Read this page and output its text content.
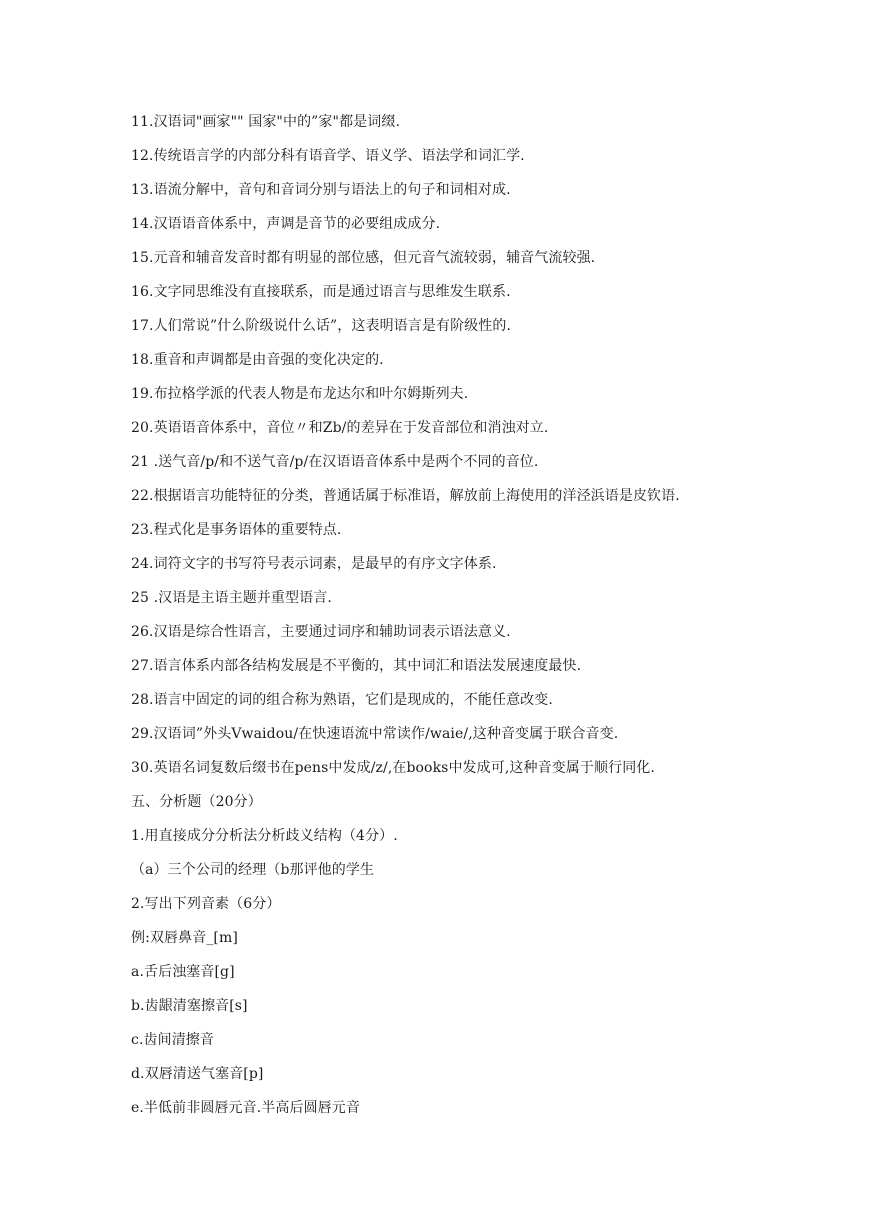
11.汉语词"画家"" 国家"中的”家"都是词缀.
12.传统语言学的内部分科有语音学、语义学、语法学和词汇学.
13.语流分解中，音句和音词分别与语法上的句子和词相对成.
14.汉语语音体系中，声调是音节的必要组成成分.
15.元音和辅音发音时都有明显的部位感，但元音气流较弱，辅音气流较强.
16.文字同思维没有直接联系，而是通过语言与思维发生联系.
17.人们常说”什么阶级说什么话”，这表明语言是有阶级性的.
18.重音和声调都是由音强的变化决定的.
19.布拉格学派的代表人物是布龙达尔和叶尔姆斯列夫.
20.英语语音体系中，音位〃和Zb/的差异在于发音部位和消浊对立.
21 .送气音/p/和不送气音/p/在汉语语音体系中是两个不同的音位.
22.根据语言功能特征的分类，普通话属于标准语，解放前上海使用的洋泾浜语是皮钦语.
23.程式化是事务语体的重要特点.
24.词符文字的书写符号表示词素，是最早的有序文字体系.
25 .汉语是主语主题并重型语言.
26.汉语是综合性语言，主要通过词序和辅助词表示语法意义.
27.语言体系内部各结构发展是不平衡的，其中词汇和语法发展速度最快.
28.语言中固定的词的组合称为熟语，它们是现成的，不能任意改变.
29.汉语词”外头Vwaidou/在快速语流中常读作/waie/,这种音变属于联合音变.
30.英语名词复数后缀书在pens中发成/z/,在books中发成可,这种音变属于顺行同化.
五、分析题（20分）
1.用直接成分分析法分析歧义结构（4分）.
（a）三个公司的经理（b那评他的学生
2.写出下列音素（6分）
例:双唇鼻音_[m]
a.舌后浊塞音[g]
b.齿龈清塞擦音[s]
c.齿间清擦音
d.双唇清送气塞音[p]
e.半低前非圆唇元音.半高后圆唇元音
